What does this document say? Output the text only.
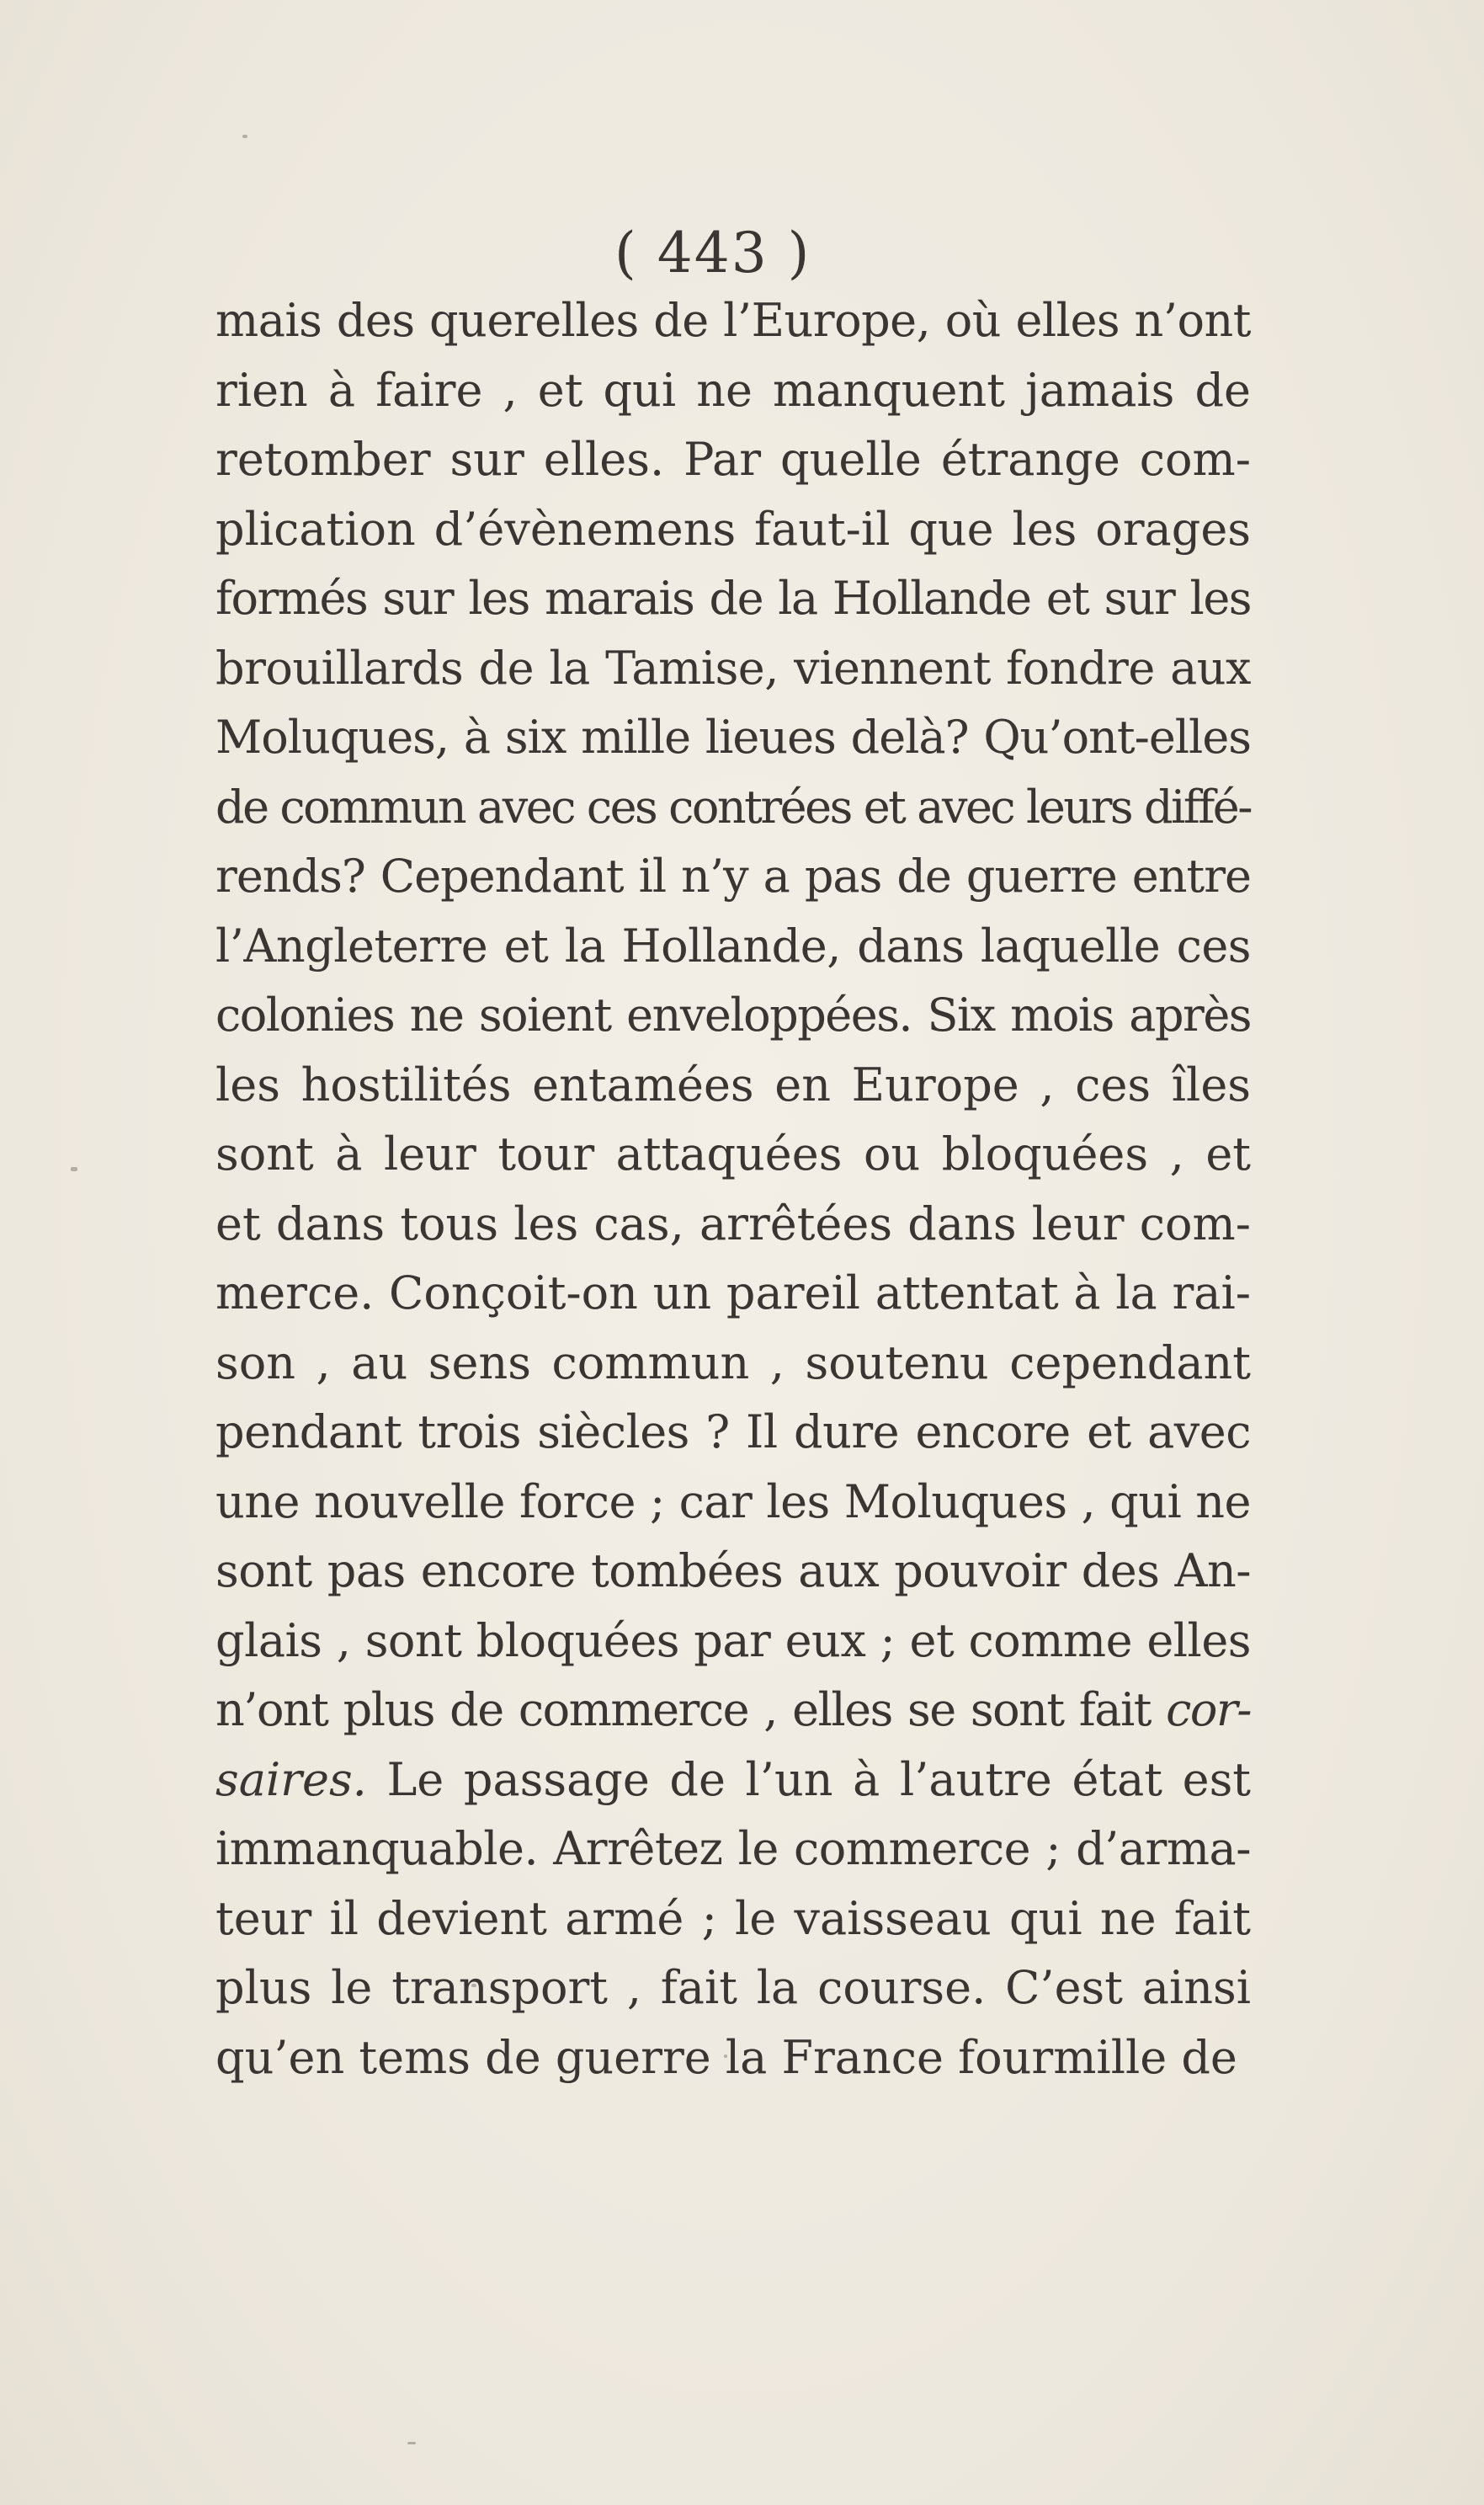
( 443 )
mais des querelles de l’Europe, où elles n’ont
rien à faire , et qui ne manquent jamais de
retomber sur elles. Par quelle étrange com-
plication d’évènemens faut-il que les orages
formés sur les marais de la Hollande et sur les
brouillards de la Tamise, viennent fondre aux
Moluques, à six mille lieues delà? Qu’ont-elles
de commun avec ces contrées et avec leurs diffé-
rends? Cependant il n’y a pas de guerre entre
l’Angleterre et la Hollande, dans laquelle ces
colonies ne soient enveloppées. Six mois après
les hostilités entamées en Europe , ces îles
sont à leur tour attaquées ou bloquées , et
et dans tous les cas, arrêtées dans leur com-
merce. Conçoit-on un pareil attentat à la rai-
son , au sens commun , soutenu cependant
pendant trois siècles ? Il dure encore et avec
une nouvelle force ; car les Moluques , qui ne
sont pas encore tombées aux pouvoir des An-
glais , sont bloquées par eux ; et comme elles
n’ont plus de commerce , elles se sont fait cor-
saires. Le passage de l’un à l’autre état est
immanquable. Arrêtez le commerce ; d’arma-
teur il devient armé ; le vaisseau qui ne fait
plus le transport , fait la course. C’est ainsi
qu’en tems de guerre la France fourmille de
